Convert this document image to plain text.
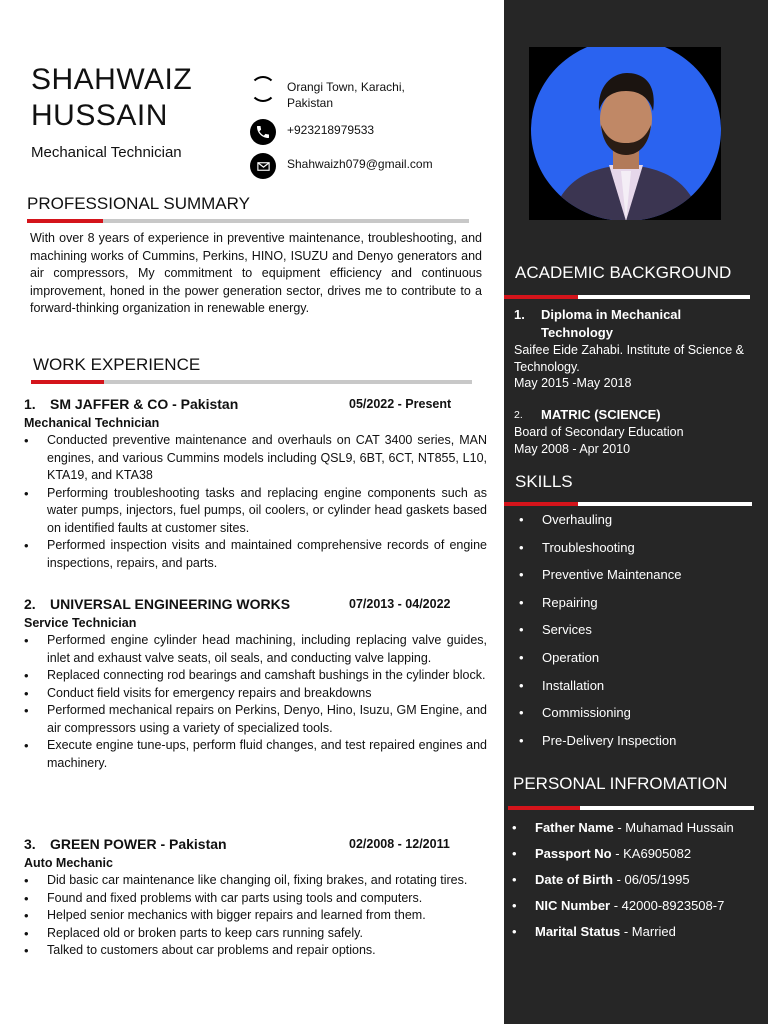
SHAHWAIZ
HUSSAIN
Mechanical Technician
Orangi Town, Karachi, Pakistan
+923218979533
Shahwaizh079@gmail.com
PROFESSIONAL SUMMARY
With over 8 years of experience in preventive maintenance, troubleshooting, and machining works of Cummins, Perkins, HINO, ISUZU and Denyo generators and air compressors, My commitment to equipment efficiency and continuous improvement, honed in the power generation sector, drives me to contribute to a forward-thinking organization in renewable energy.
WORK EXPERIENCE
1.	SM JAFFER & CO - Pakistan	05/2022 - Present
Mechanical Technician
• Conducted preventive maintenance and overhauls on CAT 3400 series, MAN engines, and various Cummins models including QSL9, 6BT, 6CT, NT855, L10, KTA19, and KTA38
• Performing troubleshooting tasks and replacing engine components such as water pumps, injectors, fuel pumps, oil coolers, or cylinder head gaskets based on identified faults at customer sites.
• Performed inspection visits and maintained comprehensive records of engine inspections, repairs, and parts.
2.	UNIVERSAL ENGINEERING WORKS	07/2013 - 04/2022
Service Technician
• Performed engine cylinder head machining, including replacing valve guides, inlet and exhaust valve seats, oil seals, and conducting valve lapping.
• Replaced connecting rod bearings and camshaft bushings in the cylinder block.
• Conduct field visits for emergency repairs and breakdowns
• Performed mechanical repairs on Perkins, Denyo, Hino, Isuzu, GM Engine, and air compressors using a variety of specialized tools.
• Execute engine tune-ups, perform fluid changes, and test repaired engines and machinery.
3.	GREEN POWER - Pakistan	02/2008 - 12/2011
Auto Mechanic
• Did basic car maintenance like changing oil, fixing brakes, and rotating tires.
• Found and fixed problems with car parts using tools and computers.
• Helped senior mechanics with bigger repairs and learned from them.
• Replaced old or broken parts to keep cars running safely.
• Talked to customers about car problems and repair options.
ACADEMIC BACKGROUND
1.	Diploma in Mechanical Technology
Saifee Eide Zahabi. Institute of Science & Technology.
May 2015 -May 2018
2.	MATRIC (SCIENCE)
Board of Secondary Education
May 2008 - Apr 2010
SKILLS
• Overhauling
• Troubleshooting
• Preventive Maintenance
• Repairing
• Services
• Operation
• Installation
• Commissioning
• Pre-Delivery Inspection
PERSONAL INFROMATION
• Father Name - Muhamad Hussain
• Passport No - KA6905082
• Date of Birth - 06/05/1995
• NIC Number - 42000-8923508-7
• Marital Status - Married
